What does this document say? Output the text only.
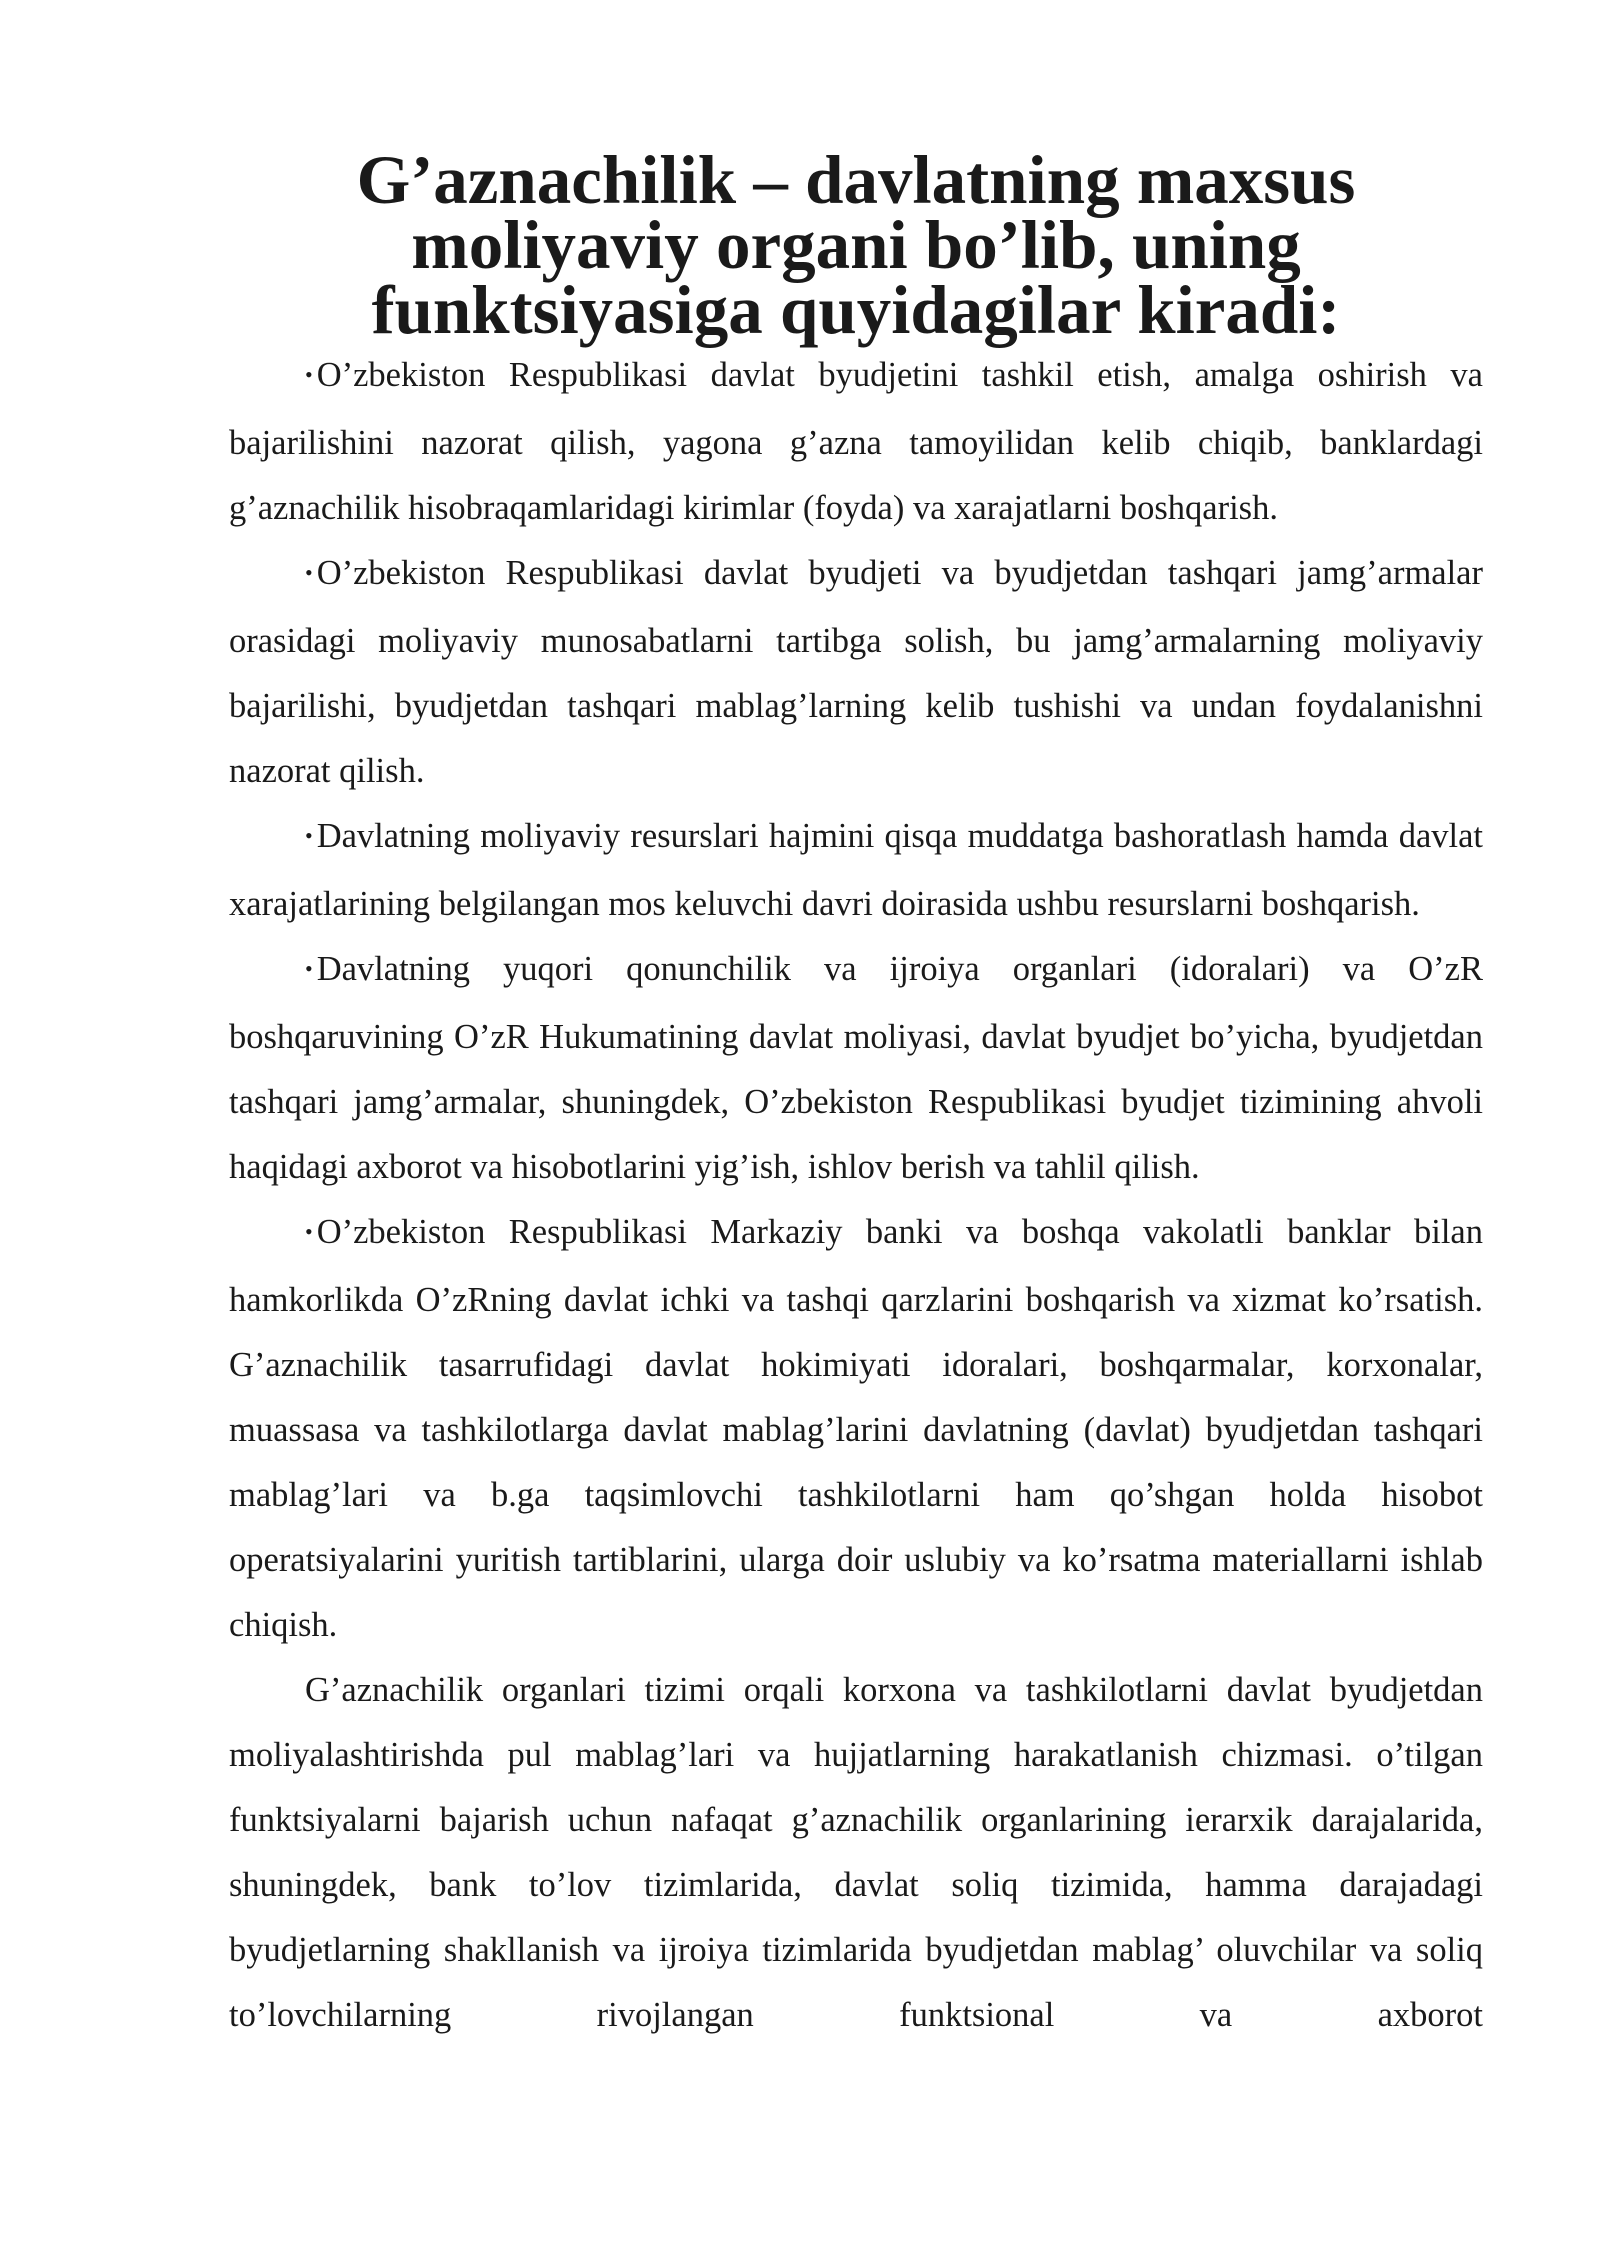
G’aznachilik – davlatning maxsus moliyaviy organi bo’lib, uning
funktsiyasiga quyidagilar kiradi:

• O’zbekiston Respublikasi davlat byudjetini tashkil etish, amalga oshirish va bajarilishini nazorat qilish, yagona g’azna tamoyilidan kelib chiqib, banklardagi g’aznachilik hisobraqamlaridagi kirimlar (foyda) va xarajatlarni boshqarish.

• O’zbekiston Respublikasi davlat byudjeti va byudjetdan tashqari jamg’armalar orasidagi moliyaviy munosabatlarni tartibga solish, bu jamg’armalarning moliyaviy bajarilishi, byudjetdan tashqari mablag’larning kelib tushishi va undan foydalanishni nazorat qilish.

• Davlatning moliyaviy resurslari hajmini qisqa muddatga bashoratlash hamda davlat xarajatlarining belgilangan mos keluvchi davri doirasida ushbu resurslarni boshqarish.

• Davlatning yuqori qonunchilik va ijroiya organlari (idoralari) va O’zR boshqaruvining O’zR Hukumatining davlat moliyasi, davlat byudjet bo’yicha, byudjetdan tashqari jamg’armalar, shuningdek, O’zbekiston Respublikasi byudjet tizimining ahvoli haqidagi axborot va hisobotlarini yig’ish, ishlov berish va tahlil qilish.

• O’zbekiston Respublikasi Markaziy banki va boshqa vakolatli banklar bilan hamkorlikda O’zRning davlat ichki va tashqi qarzlarini boshqarish va xizmat ko’rsatish. G’aznachilik tasarrufidagi davlat hokimiyati idoralari, boshqarmalar, korxonalar, muassasa va tashkilotlarga davlat mablag’larini davlatning (davlat) byudjetdan tashqari mablag’lari va b.ga taqsimlovchi tashkilotlarni ham qo’shgan holda hisobot operatsiyalarini yuritish tartiblarini, ularga doir uslubiy va ko’rsatma materiallarni ishlab chiqish.

G’aznachilik organlari tizimi orqali korxona va tashkilotlarni davlat byudjetdan moliyalashtirishda pul mablag’lari va hujjatlarning harakatlanish chizmasi. o’tilgan funktsiyalarni bajarish uchun nafaqat g’aznachilik organlarining ierarxik darajalarida, shuningdek, bank to’lov tizimlarida, davlat soliq tizimida, hamma darajadagi byudjetlarning shakllanish va ijroiya tizimlarida byudjetdan mablag’ oluvchilar va soliq to’lovchilarning rivojlangan funktsional va axborot
